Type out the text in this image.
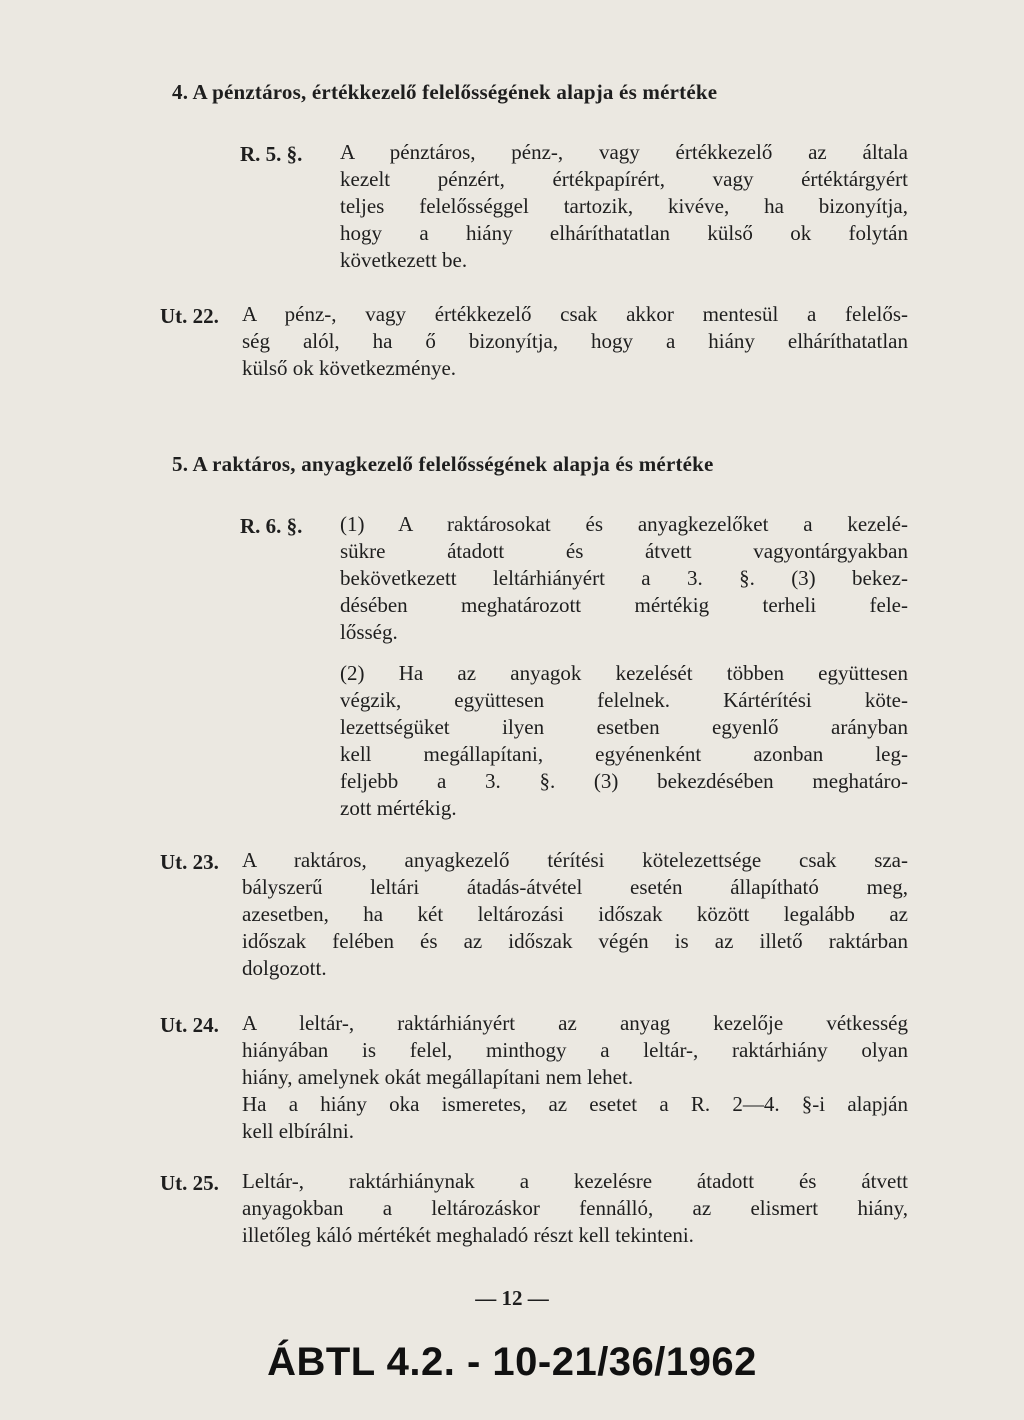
4. A pénztáros, értékkezelő felelősségének alapja és mértéke
R. 5. §. A pénztáros, pénz-, vagy értékkezelő az általa
kezelt pénzért, értékpapírért, vagy értéktárgyért
teljes felelősséggel tartozik, kivéve, ha bizonyítja,
hogy a hiány elháríthatatlan külső ok folytán
következett be.
Ut. 22. A pénz-, vagy értékkezelő csak akkor mentesül a felelős-
ség alól, ha ő bizonyítja, hogy a hiány elháríthatatlan
külső ok következménye.
5. A raktáros, anyagkezelő felelősségének alapja és mértéke
R. 6. §. (1) A raktárosokat és anyagkezelőket a kezelé-
sükre átadott és átvett vagyontárgyakban
bekövetkezett leltárhiányért a 3. §. (3) bekez-
désében meghatározott mértékig terheli fele-
lősség.
(2) Ha az anyagok kezelését többen együttesen
végzik, együttesen felelnek. Kártérítési köte-
lezettségüket ilyen esetben egyenlő arányban
kell megállapítani, egyénenként azonban leg-
feljebb a 3. §. (3) bekezdésében meghatáro-
zott mértékig.
Ut. 23. A raktáros, anyagkezelő térítési kötelezettsége csak sza-
bályszerű leltári átadás-átvétel esetén állapítható meg,
azesetben, ha két leltározási időszak között legalább az
időszak felében és az időszak végén is az illető raktárban
dolgozott.
Ut. 24. A leltár-, raktárhiányért az anyag kezelője vétkesség
hiányában is felel, minthogy a leltár-, raktárhiány olyan
hiány, amelynek okát megállapítani nem lehet.
Ha a hiány oka ismeretes, az esetet a R. 2—4. §-i alapján
kell elbírálni.
Ut. 25. Leltár-, raktárhiánynak a kezelésre átadott és átvett
anyagokban a leltározáskor fennálló, az elismert hiány,
illetőleg káló mértékét meghaladó részt kell tekinteni.
— 12 —
ÁBTL 4.2. - 10-21/36/1962
